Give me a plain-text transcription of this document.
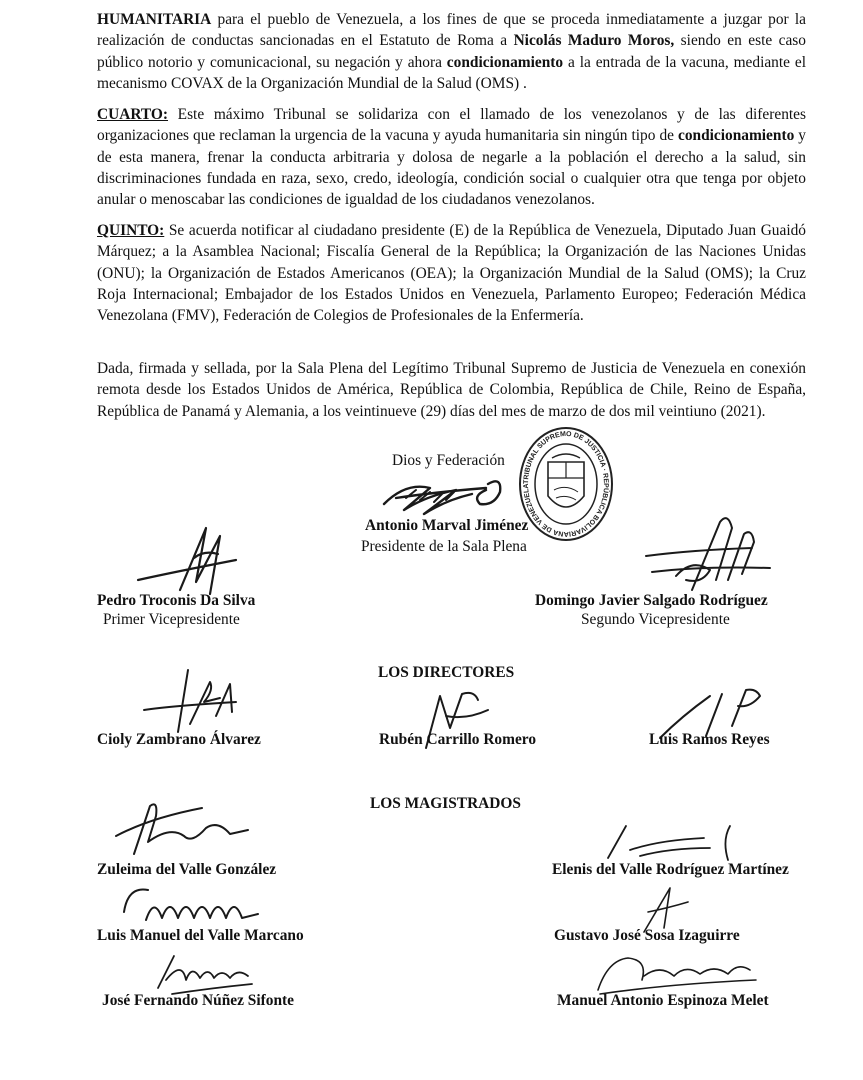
HUMANITARIA para el pueblo de Venezuela, a los fines de que se proceda inmediatamente a juzgar por la realización de conductas sancionadas en el Estatuto de Roma a Nicolás Maduro Moros, siendo en este caso público notorio y comunicacional, su negación y ahora condicionamiento a la entrada de la vacuna, mediante el mecanismo COVAX de la Organización Mundial de la Salud (OMS) .

CUARTO: Este máximo Tribunal se solidariza con el llamado de los venezolanos y de las diferentes organizaciones que reclaman la urgencia de la vacuna y ayuda humanitaria sin ningún tipo de condicionamiento y de esta manera, frenar la conducta arbitraria y dolosa de negarle a la población el derecho a la salud, sin discriminaciones fundada en raza, sexo, credo, ideología, condición social o cualquier otra que tenga por objeto anular o menoscabar las condiciones de igualdad de los ciudadanos venezolanos.

QUINTO: Se acuerda notificar al ciudadano presidente (E) de la República de Venezuela, Diputado Juan Guaidó Márquez; a la Asamblea Nacional; Fiscalía General de la República; la Organización de las Naciones Unidas (ONU); la Organización de Estados Americanos (OEA); la Organización Mundial de la Salud (OMS); la Cruz Roja Internacional; Embajador de los Estados Unidos en Venezuela, Parlamento Europeo; Federación Médica Venezolana (FMV), Federación de Colegios de Profesionales de la Enfermería.

Dada, firmada y sellada, por la Sala Plena del Legítimo Tribunal Supremo de Justicia de Venezuela en conexión remota desde los Estados Unidos de América, República de Colombia, República de Chile, Reino de España, República de Panamá y Alemania, a los veintinueve (29) días del mes de marzo de dos mil veintiuno (2021).

Dios y Federación
TRIBUNAL SUPREMO DE JUSTICIA · REPÚBLICA BOLIVARIANA DE VENEZUELA
Antonio Marval Jiménez
Presidente de la Sala Plena
Pedro Troconis Da Silva
Primer Vicepresidente
Domingo Javier Salgado Rodríguez
Segundo Vicepresidente
LOS DIRECTORES
Cioly Zambrano Álvarez	Rubén Carrillo Romero	Luis Ramos Reyes
LOS MAGISTRADOS
Zuleima del Valle González	Elenis del Valle Rodríguez Martínez
Luis Manuel del Valle Marcano	Gustavo José Sosa Izaguirre
José Fernando Núñez Sifonte	Manuel Antonio Espinoza Melet
